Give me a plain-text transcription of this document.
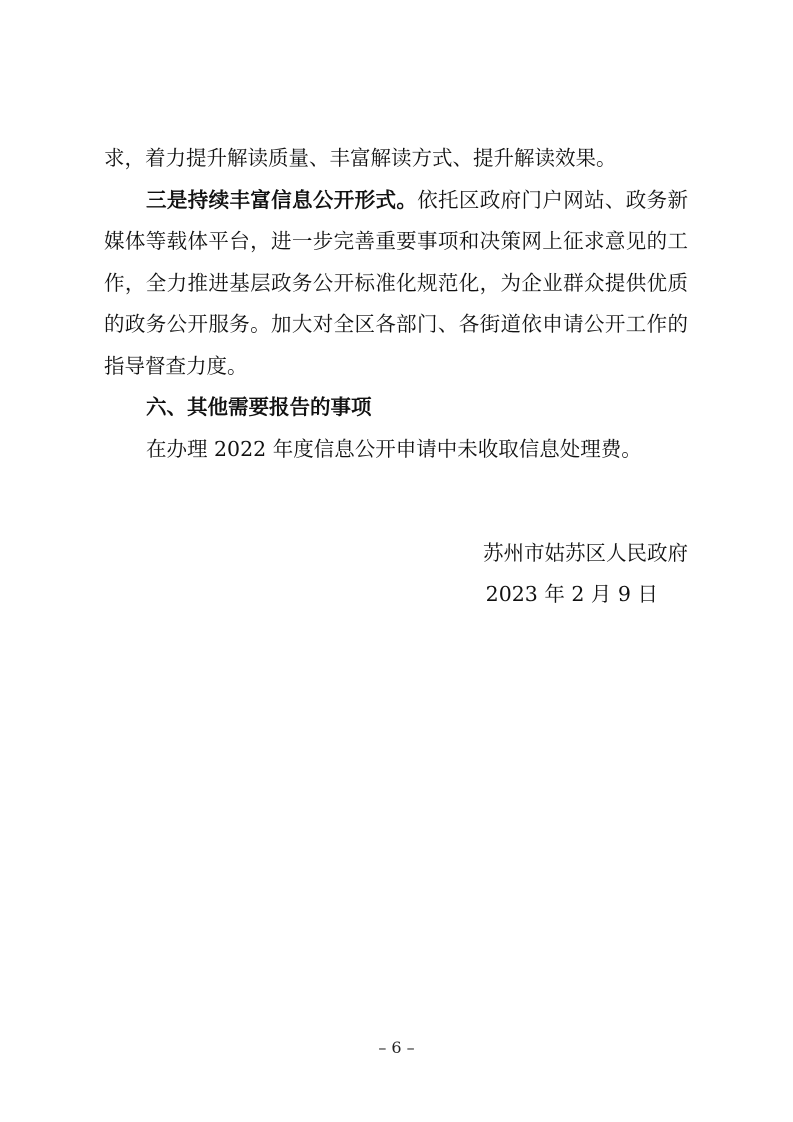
求，着力提升解读质量、丰富解读方式、提升解读效果。
三是持续丰富信息公开形式。依托区政府门户网站、政务新
媒体等载体平台，进一步完善重要事项和决策网上征求意见的工
作，全力推进基层政务公开标准化规范化，为企业群众提供优质
的政务公开服务。加大对全区各部门、各街道依申请公开工作的
指导督查力度。
六、其他需要报告的事项
在办理 2022 年度信息公开申请中未收取信息处理费。
苏州市姑苏区人民政府
2023 年 2 月 9 日
– 6 –
